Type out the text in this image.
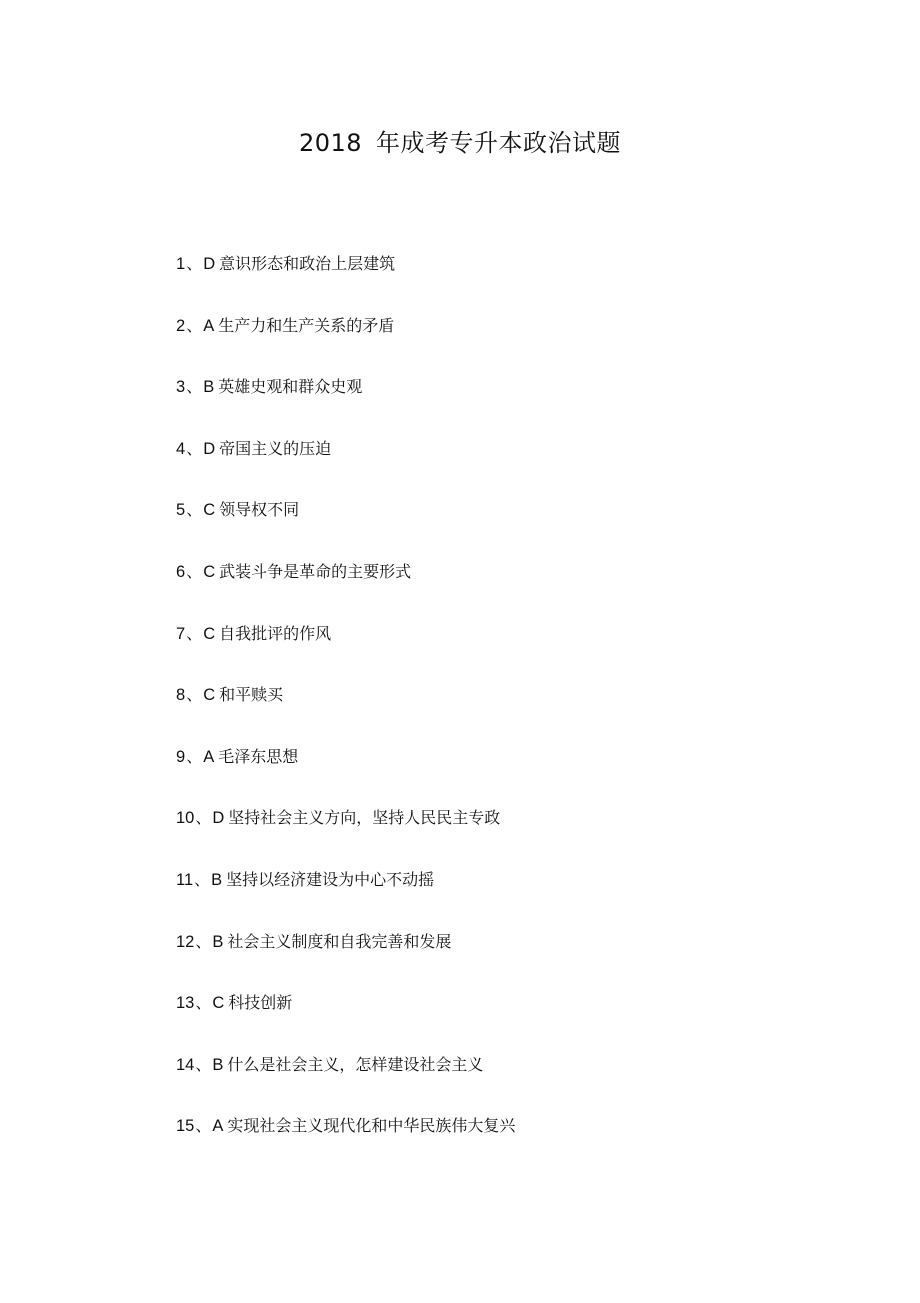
2018 年成考专升本政治试题
1、D 意识形态和政治上层建筑
2、A 生产力和生产关系的矛盾
3、B 英雄史观和群众史观
4、D 帝国主义的压迫
5、C 领导权不同
6、C 武装斗争是革命的主要形式
7、C 自我批评的作风
8、C 和平赎买
9、A 毛泽东思想
10、D 坚持社会主义方向，坚持人民民主专政
11、B 坚持以经济建设为中心不动摇
12、B 社会主义制度和自我完善和发展
13、C 科技创新
14、B 什么是社会主义，怎样建设社会主义
15、A 实现社会主义现代化和中华民族伟大复兴
